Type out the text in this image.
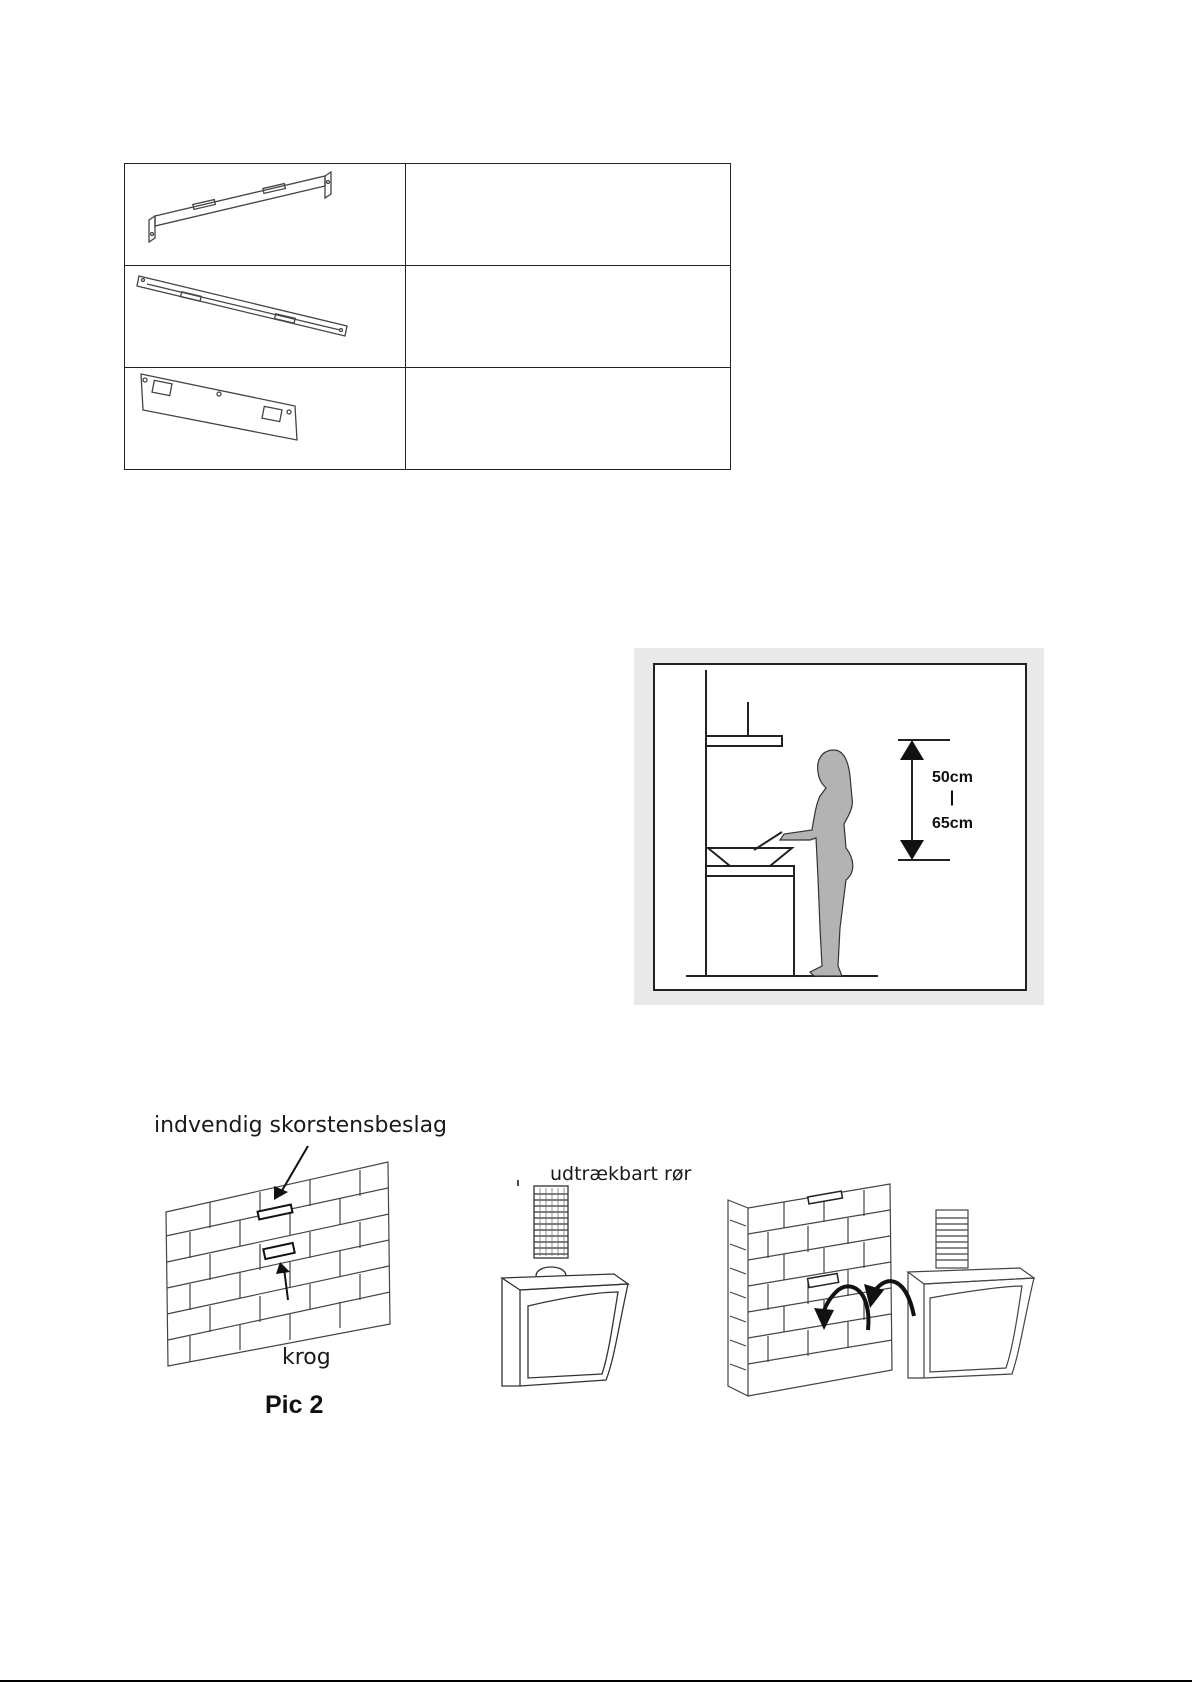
50cm
|
65cm
indvendig skorstensbeslag
krog
Pic 2
udtrækbart rør
